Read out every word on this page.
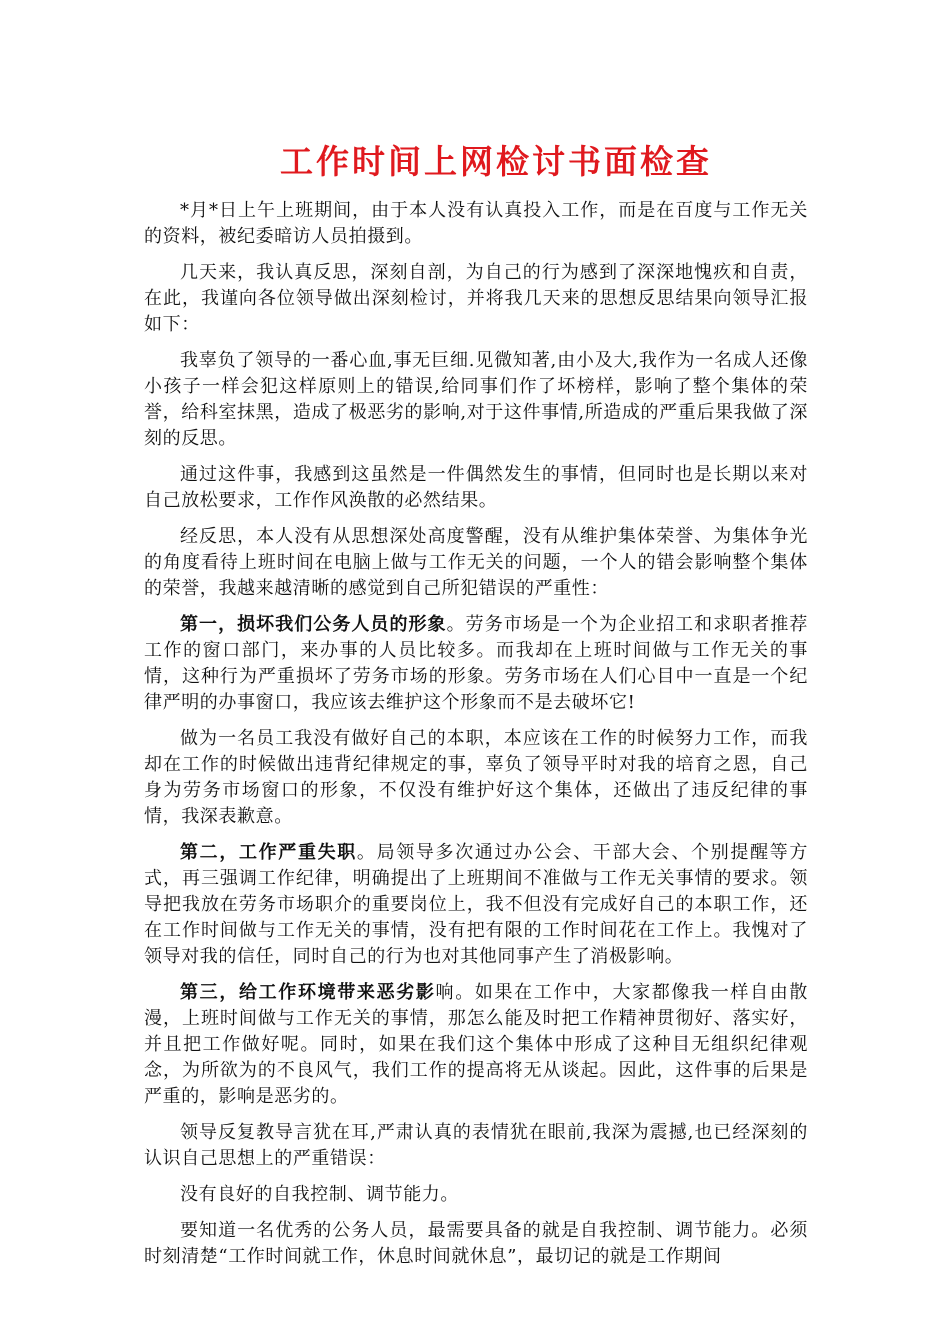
工作时间上网检讨书面检查

*月*日上午上班期间，由于本人没有认真投入工作，而是在百度与工作无关的资料，被纪委暗访人员拍摄到。

几天来，我认真反思，深刻自剖，为自己的行为感到了深深地愧疚和自责，在此，我谨向各位领导做出深刻检讨，并将我几天来的思想反思结果向领导汇报如下：

我辜负了领导的一番心血,事无巨细.见微知著,由小及大,我作为一名成人还像小孩子一样会犯这样原则上的错误,给同事们作了坏榜样，影响了整个集体的荣誉，给科室抹黑，造成了极恶劣的影响,对于这件事情,所造成的严重后果我做了深刻的反思。

通过这件事，我感到这虽然是一件偶然发生的事情，但同时也是长期以来对自己放松要求，工作作风涣散的必然结果。

经反思，本人没有从思想深处高度警醒，没有从维护集体荣誉、为集体争光的角度看待上班时间在电脑上做与工作无关的问题，一个人的错会影响整个集体的荣誉，我越来越清晰的感觉到自己所犯错误的严重性：

第一，损坏我们公务人员的形象。劳务市场是一个为企业招工和求职者推荐工作的窗口部门，来办事的人员比较多。而我却在上班时间做与工作无关的事情，这种行为严重损坏了劳务市场的形象。劳务市场在人们心目中一直是一个纪律严明的办事窗口，我应该去维护这个形象而不是去破坏它!

做为一名员工我没有做好自己的本职，本应该在工作的时候努力工作，而我却在工作的时候做出违背纪律规定的事，辜负了领导平时对我的培育之恩，自己身为劳务市场窗口的形象，不仅没有维护好这个集体，还做出了违反纪律的事情，我深表歉意。

第二，工作严重失职。局领导多次通过办公会、干部大会、个别提醒等方式，再三强调工作纪律，明确提出了上班期间不准做与工作无关事情的要求。领导把我放在劳务市场职介的重要岗位上，我不但没有完成好自己的本职工作，还在工作时间做与工作无关的事情，没有把有限的工作时间花在工作上。我愧对了领导对我的信任，同时自己的行为也对其他同事产生了消极影响。

第三，给工作环境带来恶劣影响。如果在工作中，大家都像我一样自由散漫，上班时间做与工作无关的事情，那怎么能及时把工作精神贯彻好、落实好，并且把工作做好呢。同时，如果在我们这个集体中形成了这种目无组织纪律观念，为所欲为的不良风气，我们工作的提高将无从谈起。因此，这件事的后果是严重的，影响是恶劣的。

领导反复教导言犹在耳,严肃认真的表情犹在眼前,我深为震撼,也已经深刻的认识自己思想上的严重错误：

没有良好的自我控制、调节能力。

要知道一名优秀的公务人员，最需要具备的就是自我控制、调节能力。必须时刻清楚“工作时间就工作，休息时间就休息”，最切记的就是工作期间
